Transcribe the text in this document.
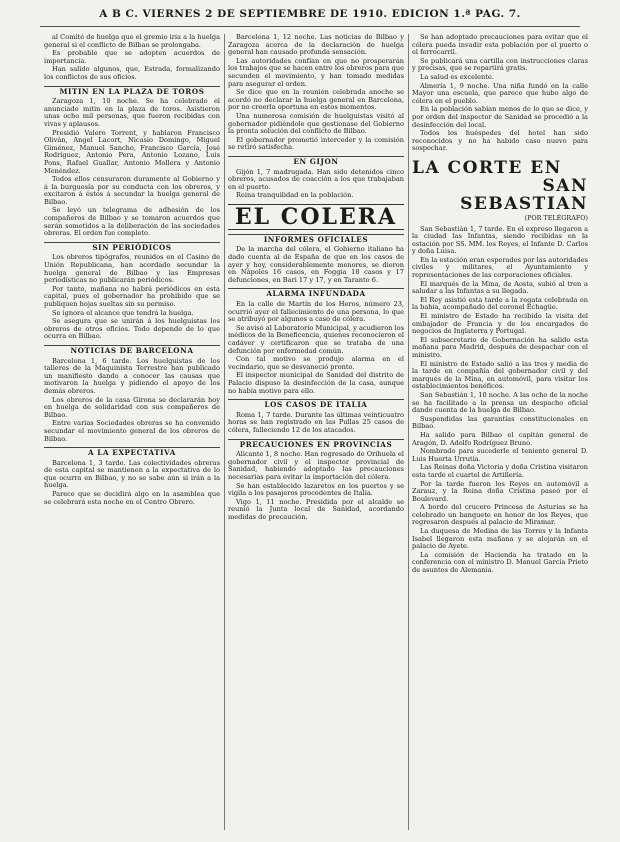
A B C. VIERNES 2 DE SEPTIEMBRE DE 1910. EDICION 1.ª PAG. 7.

al Comité de huelga que el gremio iría a la huelga general si el conflicto de Bilbao se prolongaba.

Es probable que se adopten acuerdos de importancia.

Han salido algunos, que, Estrada, formalizando los conflictos de sus oficios.

MITIN EN LA PLAZA DE TOROS

Zaragoza 1, 10 noche. Se ha celebrado el anunciado mitin en la plaza de toros. Asistieron unas ocho mil personas, que fueron recibidas con vivas y aplausos.

Presidió Valero Torrent, y hablaron Francisco Oliván, Angel Lacort, Nicasio Domingo, Miguel Giménez, Manuel Sancho, Francisco García, José Rodríguez, Antonio Pera, Antonio Lozano, Luis Pons, Rafael Guallar, Antonio Mollera y Antonio Menéndez.

Todos ellos censuraron duramente al Gobierno y á la burguesía por su conducta con los obreros, y excitaron á éstos á secundar la huelga general de Bilbao.

Se leyó un telegrama de adhesión de los compañeros de Bilbao y se tomaron acuerdos que serán sometidos a la deliberación de las sociedades obreras. El orden fue completo.

SIN PERIÓDICOS

Los obreros tipógrafos, reunidos en el Casino de Unión Republicana, han acordado secundar la huelga general de Bilbao y las Empresas periodísticas no publicarán periódicos.

Por tanto, mañana no habrá periódicos en esta capital, pues el gobernador ha prohibido que se publiquen hojas sueltas sin su permiso.

Se ignora el alcance que tendrá la huelga.

Se asegura que se unirán á los huelguistas los obreros de otros oficios. Todo depende de lo que ocurra en Bilbao.

NOTICIAS DE BARCELONA

Barcelona 1, 6 tarde. Los huelguistas de los talleres de la Maquinista Terrestre han publicado un manifiesto dando a conocer las causas que motivaron la huelga y pidiendo el apoyo de los demás obreros.

Los obreros de la casa Girona se declararán hoy en huelga de solidaridad con sus compañeros de Bilbao.

Entre varias Sociedades obreras se ha convenido secundar el movimiento general de los obreros de Bilbao.

A LA EXPECTATIVA

Barcelona 1, 3 tarde. Las colectividades obreras de esta capital se mantienen a la expectativa de lo que ocurra en Bilbao, y no se sabe aún si irán a la huelga.

Parece que se decidirá algo en la asamblea que se celebrará esta noche en el Centro Obrero.

Barcelona 1, 12 noche. Las noticias de Bilbao y Zaragoza acerca de la declaración de huelga general han causado profunda sensación.

Las autoridades confían en que no prosperarán los trabajos que se hacen entre los obreros para que secunden el movimiento, y han tomado medidas para asegurar el orden.

Se dice que en la reunión celebrada anoche se acordó no declarar la huelga general en Barcelona, por no creerla oportuna en estos momentos.

Una numerosa comisión de huelguistas visitó al gobernador pidiéndole que gestionase del Gobierno la pronta solución del conflicto de Bilbao.

El gobernador prometió interceder y la comisión se retiró satisfecha.

EN GIJON

Gijón 1, 7 madrugada. Han sido detenidos cinco obreros, acusados de coacción a los que trabajaban en el puerto.

Reina tranquilidad en la población.

EL COLERA
INFORMES OFICIALES

De la marcha del cólera, el Gobierno italiano ha dado cuenta al de España de que en los casos de ayer y hoy, considerablemente menores, se dieron en Nápoles 16 casos, en Foggia 18 casos y 17 defunciones, en Bari 17 y 17, y en Taranto 6.

ALARMA INFUNDADA

En la calle de Martín de los Heros, número 23, ocurrió ayer el fallecimiento de una persona, lo que se atribuyó por algunos a caso de cólera.

Se avisó al Laboratorio Municipal, y acudieron los médicos de la Beneficencia, quienes reconocieron el cadáver y certificaron que se trataba de una defunción por enfermedad común.

Con tal motivo se produjo alarma en el vecindario, que se desvaneció pronto.

El inspector municipal de Sanidad del distrito de Palacio dispuso la desinfección de la casa, aunque no había motivo para ello.

LOS CASOS DE ITALIA

Roma 1, 7 tarde. Durante las últimas veinticuatro horas se han registrado en las Pullas 25 casos de cólera, falleciendo 12 de los atacados.

PRECAUCIONES EN PROVINCIAS

Alicante 1, 8 noche. Han regresado de Orihuela el gobernador civil y el inspector provincial de Sanidad, habiendo adoptado las precauciones necesarias para evitar la importación del cólera.

Se han establecido lazaretos en los puertos y se vigila a los pasajeros procedentes de Italia.

Vigo 1, 11 noche. Presidida por el alcalde se reunió la Junta local de Sanidad, acordando medidas de precaución.

Se han adoptado precauciones para evitar que el cólera pueda invadir esta población por el puerto o el ferrocarril.

Se publicará una cartilla con instrucciones claras y precisas, que se repartirá gratis.

La salud es excelente.

Almería 1, 9 noche. Una niña fundó en la calle Mayor una escuela, que parece que hubo algo de cólera en el pueblo.

En la población sabían menos de lo que se dice, y por orden del inspector de Sanidad se procedió a la desinfección del local.

Todos los huéspedes del hotel han sido reconocidos y no ha habido caso nuevo para sospechar.

LA CORTE EN
SAN SEBASTIAN
(POR TELÉGRAFO)

San Sebastián 1, 7 tarde. En el expreso llegaron a la ciudad las Infantas, siendo recibidas en la estación por SS. MM. los Reyes, el Infante D. Carlos y doña Luisa.

En la estación eran esperados por las autoridades civiles y militares, el Ayuntamiento y representaciones de las corporaciones oficiales.

El marqués de la Mina, de Aosta, subió al tren a saludar a las Infantas a su llegada.

El Rey asistió esta tarde a la regata celebrada en la bahía, acompañado del coronel Echagüe.

El ministro de Estado ha recibido la visita del embajador de Francia y de los encargados de negocios de Inglaterra y Portugal.

El subsecretario de Gobernación ha salido esta mañana para Madrid, después de despachar con el ministro.

El ministro de Estado salió a las tres y media de la tarde en compañía del gobernador civil y del marqués de la Mina, en automóvil, para visitar los establecimientos benéficos.

San Sebastián 1, 10 noche. A las ocho de la noche se ha facilitado a la prensa un despacho oficial dando cuenta de la huelga de Bilbao.

Suspendidas las garantías constitucionales en Bilbao.

Ha salido para Bilbao el capitán general de Aragón, D. Adolfo Rodríguez Bruno.

Nombrado para sucederle el teniente general D. Luis Huerta Urrutia.

Las Reinas doña Victoria y doña Cristina visitaron esta tarde el cuartel de Artillería.

Por la tarde fueron los Reyes en automóvil a Zarauz, y la Reina doña Cristina paseó por el Boulevard.

A bordo del crucero Princesa de Asturias se ha celebrado un banquete en honor de los Reyes, que regresaron después al palacio de Miramar.

La duquesa de Medina de las Torres y la Infanta Isabel llegaron esta mañana y se alojarán en el palacio de Ayete.

La comisión de Hacienda ha tratado en la conferencia con el ministro D. Manuel García Prieto de asuntos de Alemania.
